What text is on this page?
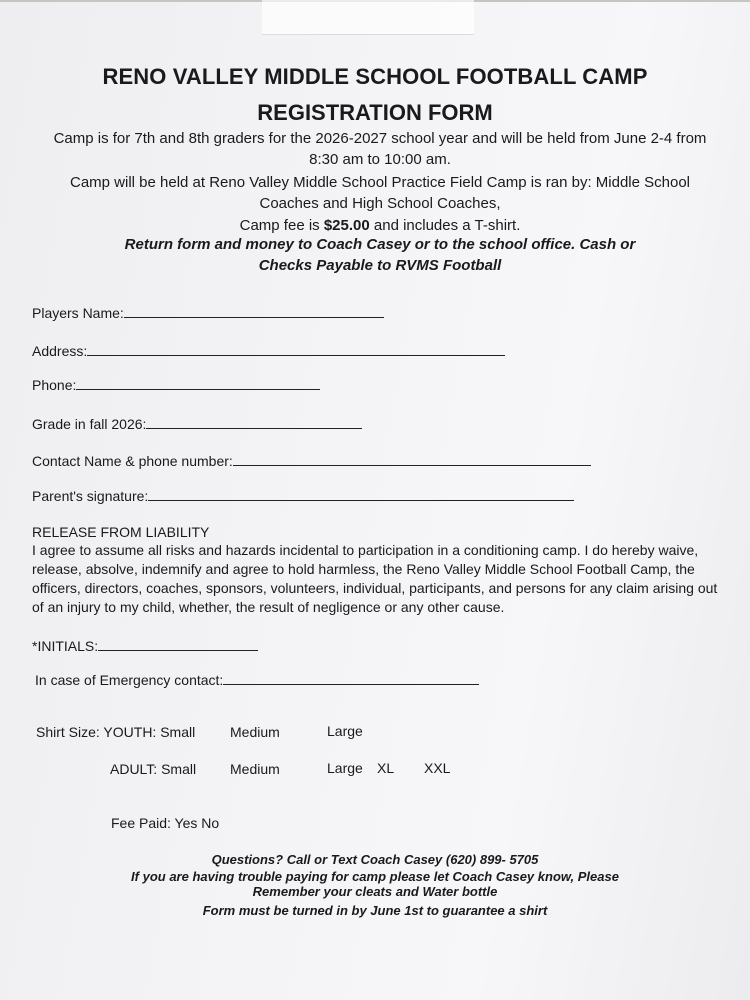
RENO VALLEY MIDDLE SCHOOL FOOTBALL CAMP
REGISTRATION FORM
Camp is for 7th and 8th graders for the 2026-2027 school year and will be held from June 2-4 from 8:30 am to 10:00 am.
Camp will be held at Reno Valley Middle School Practice Field Camp is ran by: Middle School Coaches and High School Coaches,
Camp fee is $25.00 and includes a T-shirt.
Return form and money to Coach Casey or to the school office. Cash or Checks Payable to RVMS Football
Players Name:
Address:
Phone:
Grade in fall 2026:
Contact Name & phone number:
Parent's signature:
RELEASE FROM LIABILITY
I agree to assume all risks and hazards incidental to participation in a conditioning camp. I do hereby waive, release, absolve, indemnify and agree to hold harmless, the Reno Valley Middle School Football Camp, the officers, directors, coaches, sponsors, volunteers, individual, participants, and persons for any claim arising out of an injury to my child, whether, the result of negligence or any other cause.
*INITIALS:
In case of Emergency contact:
Shirt Size: YOUTH: Small Medium	Large
ADULT: Small Medium	Large XL XXL
Fee Paid: Yes No
Questions? Call or Text Coach Casey (620) 899- 5705
If you are having trouble paying for camp please let Coach Casey know, Please
Remember your cleats and Water bottle
Form must be turned in by June 1st to guarantee a shirt
